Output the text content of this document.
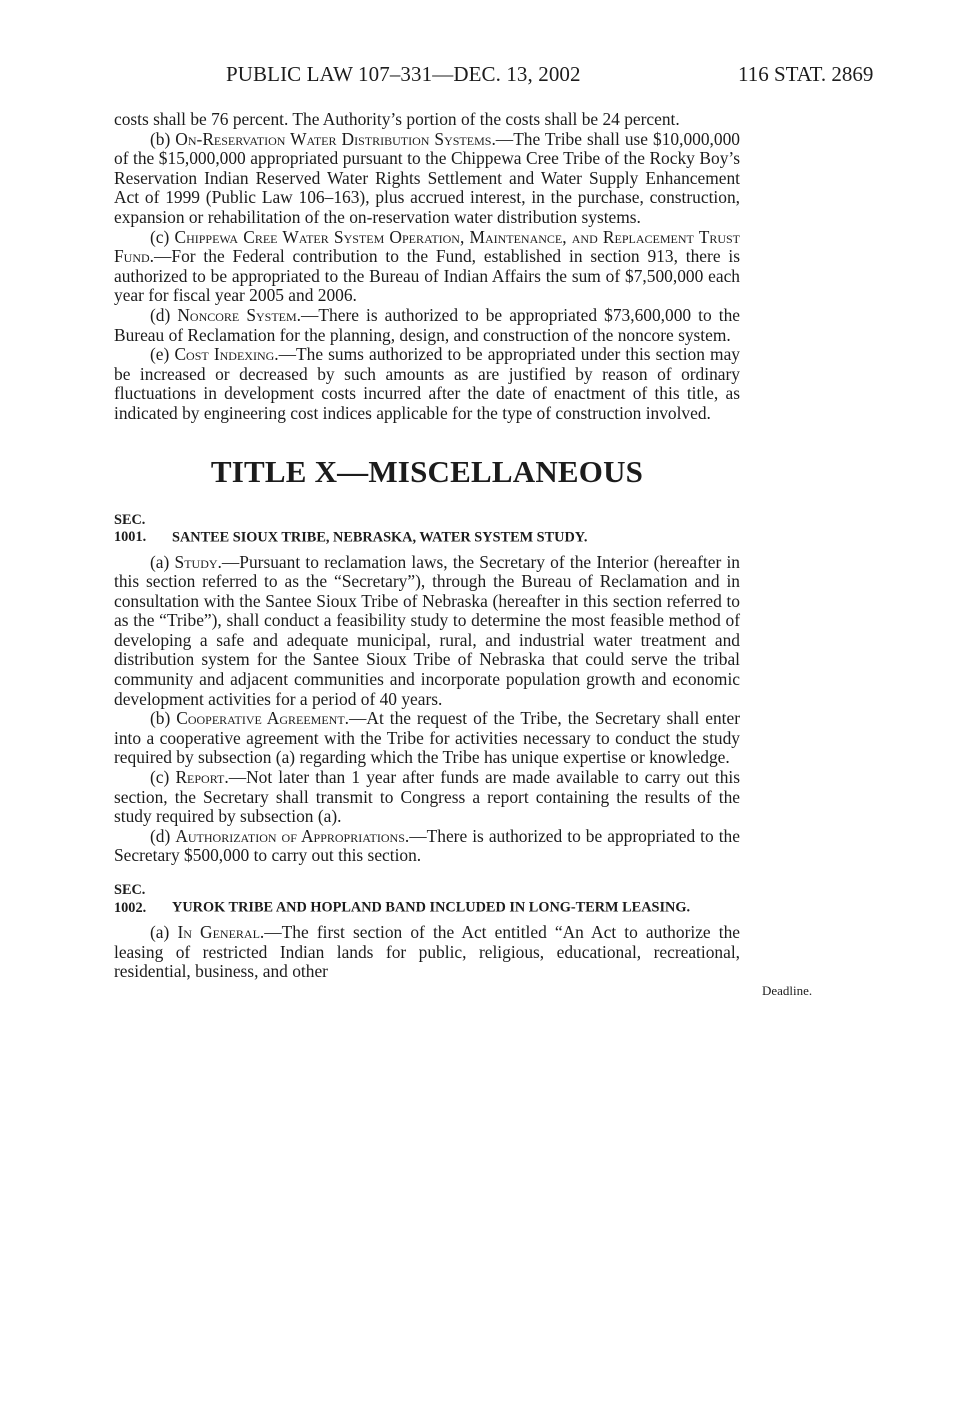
PUBLIC LAW 107–331—DEC. 13, 2002	116 STAT. 2869

costs shall be 76 percent. The Authority’s portion of the costs shall be 24 percent.

(b) On-Reservation Water Distribution Systems.—The Tribe shall use $10,000,000 of the $15,000,000 appropriated pursuant to the Chippewa Cree Tribe of the Rocky Boy’s Reservation Indian Reserved Water Rights Settlement and Water Supply Enhancement Act of 1999 (Public Law 106–163), plus accrued interest, in the purchase, construction, expansion or rehabilitation of the on-reservation water distribution systems.

(c) Chippewa Cree Water System Operation, Maintenance, and Replacement Trust Fund.—For the Federal contribution to the Fund, established in section 913, there is authorized to be appropriated to the Bureau of Indian Affairs the sum of $7,500,000 each year for fiscal year 2005 and 2006.

(d) Noncore System.—There is authorized to be appropriated $73,600,000 to the Bureau of Reclamation for the planning, design, and construction of the noncore system.

(e) Cost Indexing.—The sums authorized to be appropriated under this section may be increased or decreased by such amounts as are justified by reason of ordinary fluctuations in development costs incurred after the date of enactment of this title, as indicated by engineering cost indices applicable for the type of construction involved.

TITLE X—MISCELLANEOUS
SEC. 1001. SANTEE SIOUX TRIBE, NEBRASKA, WATER SYSTEM STUDY.

(a) Study.—Pursuant to reclamation laws, the Secretary of the Interior (hereafter in this section referred to as the “Secretary”), through the Bureau of Reclamation and in consultation with the Santee Sioux Tribe of Nebraska (hereafter in this section referred to as the “Tribe”), shall conduct a feasibility study to determine the most feasible method of developing a safe and adequate municipal, rural, and industrial water treatment and distribution system for the Santee Sioux Tribe of Nebraska that could serve the tribal community and adjacent communities and incorporate population growth and economic development activities for a period of 40 years.

(b) Cooperative Agreement.—At the request of the Tribe, the Secretary shall enter into a cooperative agreement with the Tribe for activities necessary to conduct the study required by subsection (a) regarding which the Tribe has unique expertise or knowledge.

(c) Report.—Not later than 1 year after funds are made available to carry out this section, the Secretary shall transmit to Congress a report containing the results of the study required by subsection (a).

(d) Authorization of Appropriations.—There is authorized to be appropriated to the Secretary $500,000 to carry out this section.

SEC. 1002. YUROK TRIBE AND HOPLAND BAND INCLUDED IN LONG-TERM LEASING.

(a) In General.—The first section of the Act entitled “An Act to authorize the leasing of restricted Indian lands for public, religious, educational, recreational, residential, business, and other

Deadline.
